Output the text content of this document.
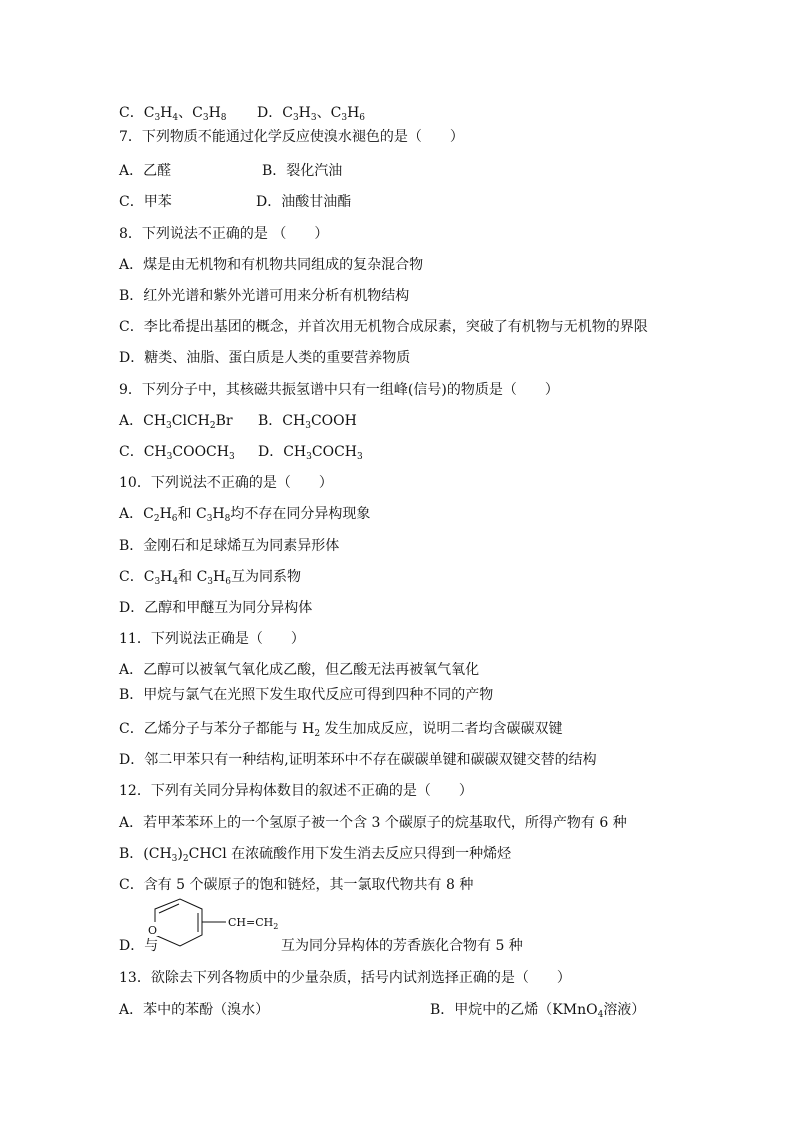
C．$C_3H_4$、$C_3H_8$ D．$C_3H_3$、$C_3H_6$
7．下列物质不能通过化学反应使溴水褪色的是（　　）
A．乙醛	B．裂化汽油
C．甲苯	D．油酸甘油酯
8．下列说法不正确的是 （　　）
A．煤是由无机物和有机物共同组成的复杂混合物
B．红外光谱和紫外光谱可用来分析有机物结构
C．李比希提出基团的概念，并首次用无机物合成尿素，突破了有机物与无机物的界限
D．糖类、油脂、蛋白质是人类的重要营养物质
9．下列分子中，其核磁共振氢谱中只有一组峰(信号)的物质是（　　）
A．$CH_3ClCH_2Br$ B．$CH_3COOH$
C．$CH_3COOCH_3$ D．$CH_3COCH_3$
10．下列说法不正确的是（　　）
A．$C_2H_6$和 $C_3H_8$均不存在同分异构现象
B．金刚石和足球烯互为同素异形体
C．$C_3H_4$和 $C_3H_6$互为同系物
D．乙醇和甲醚互为同分异构体
11．下列说法正确是（　　）
A．乙醇可以被氧气氧化成乙酸，但乙酸无法再被氧气氧化
B．甲烷与氯气在光照下发生取代反应可得到四种不同的产物
C．乙烯分子与苯分子都能与 $H_2$ 发生加成反应，说明二者均含碳碳双键
D．邻二甲苯只有一种结构,证明苯环中不存在碳碳单键和碳碳双键交替的结构
12．下列有关同分异构体数目的叙述不正确的是（　　）
A．若甲苯苯环上的一个氢原子被一个含 3 个碳原子的烷基取代，所得产物有 6 种
B．$(CH_3)_2CHCl$ 在浓硫酸作用下发生消去反应只得到一种烯烃
C．含有 5 个碳原子的饱和链烃，其一氯取代物共有 8 种
D．与	互为同分异构体的芳香族化合物有 5 种
13．欲除去下列各物质中的少量杂质，括号内试剂选择正确的是（　　）
A．苯中的苯酚（溴水）	B．甲烷中的乙烯（KMnO$_4$溶液）
O
$CH=CH_2$
